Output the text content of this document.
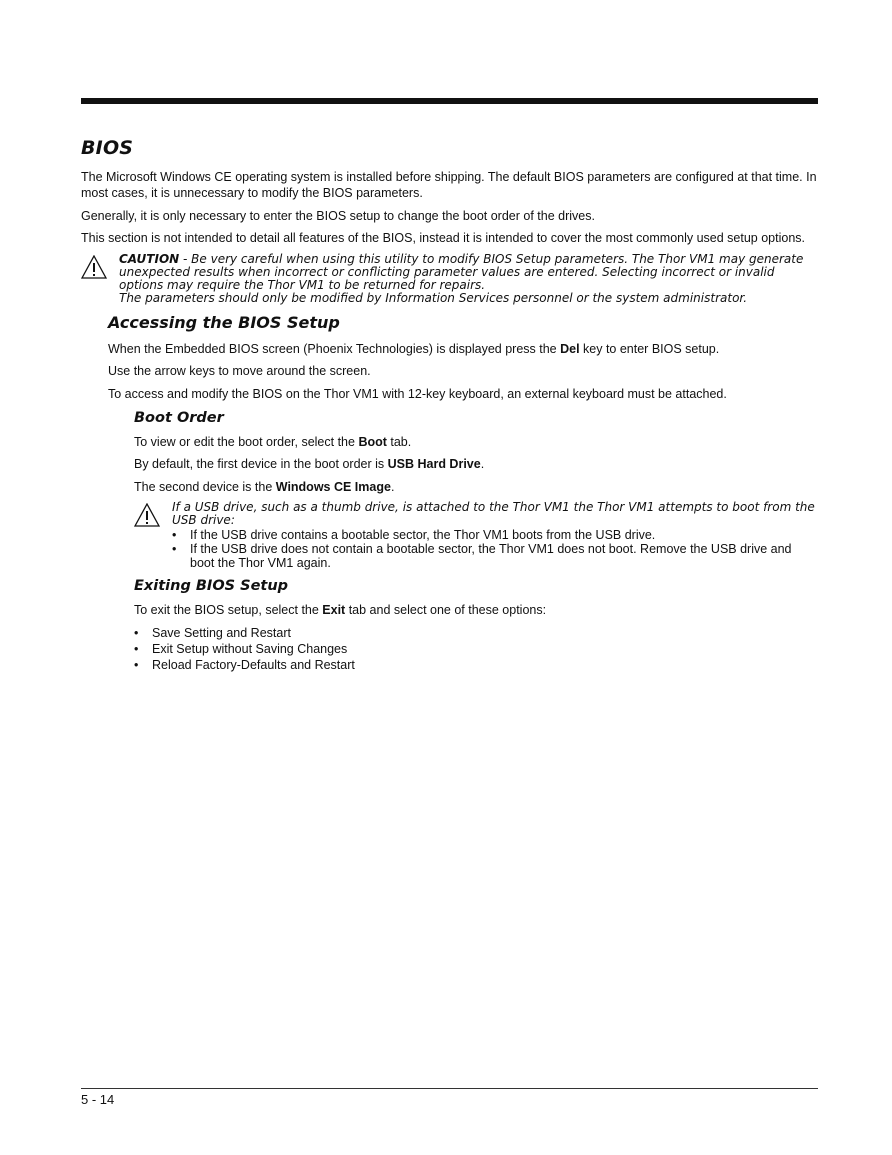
BIOS

The Microsoft Windows CE operating system is installed before shipping. The default BIOS parameters are configured at that time. In most cases, it is unnecessary to modify the BIOS parameters.

Generally, it is only necessary to enter the BIOS setup to change the boot order of the drives.

This section is not intended to detail all features of the BIOS, instead it is intended to cover the most commonly used setup options.

CAUTION - Be very careful when using this utility to modify BIOS Setup parameters. The Thor VM1 may generate unexpected results when incorrect or conflicting parameter values are entered. Selecting incorrect or invalid options may require the Thor VM1 to be returned for repairs.
The parameters should only be modified by Information Services personnel or the system administrator.
Accessing the BIOS Setup

When the Embedded BIOS screen (Phoenix Technologies) is displayed press the Del key to enter BIOS setup.

Use the arrow keys to move around the screen.

To access and modify the BIOS on the Thor VM1 with 12-key keyboard, an external keyboard must be attached.

Boot Order

To view or edit the boot order, select the Boot tab.

By default, the first device in the boot order is USB Hard Drive.

The second device is the Windows CE Image.

If a USB drive, such as a thumb drive, is attached to the Thor VM1 the Thor VM1 attempts to boot from the USB drive:
• If the USB drive contains a bootable sector, the Thor VM1 boots from the USB drive.
• If the USB drive does not contain a bootable sector, the Thor VM1 does not boot. Remove the USB drive and boot the Thor VM1 again.
Exiting BIOS Setup

To exit the BIOS setup, select the Exit tab and select one of these options:

• Save Setting and Restart
• Exit Setup without Saving Changes
• Reload Factory-Defaults and Restart
5 - 14
